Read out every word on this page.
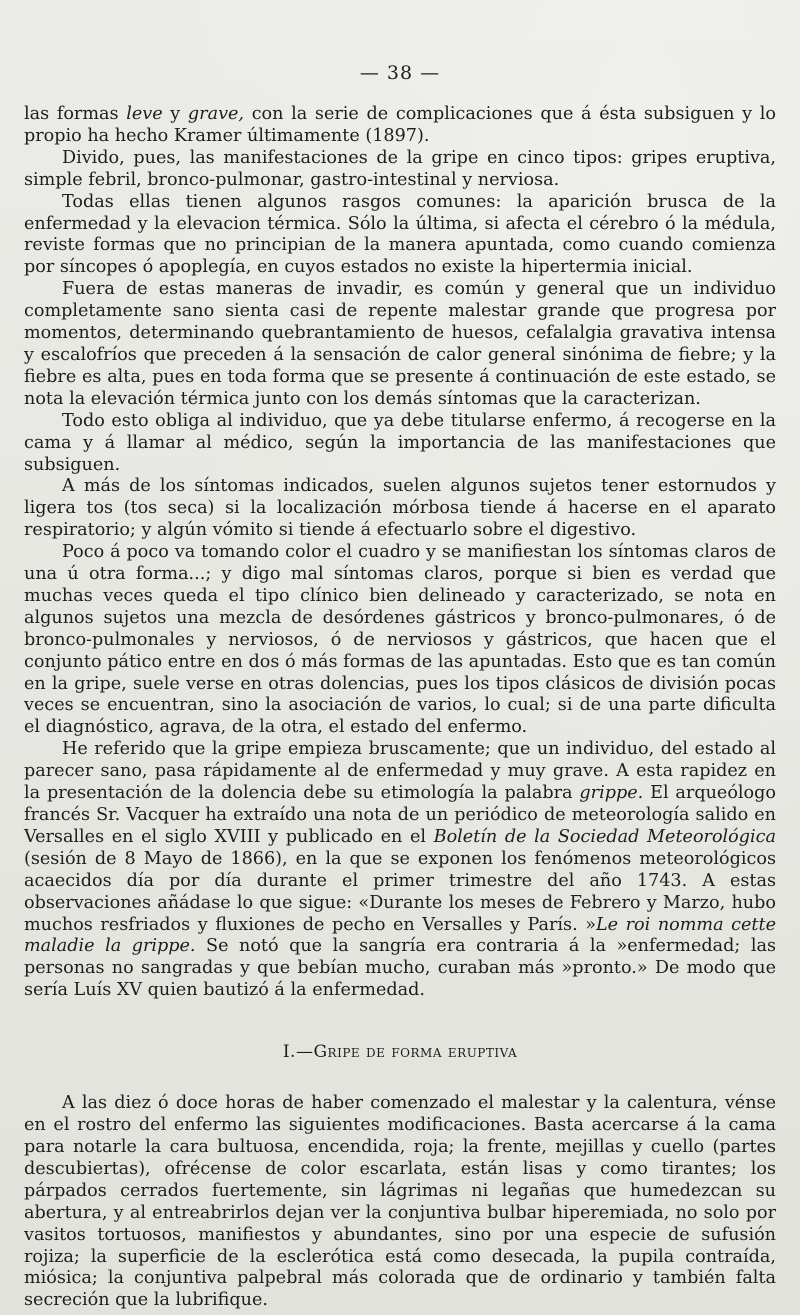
— 38 —

las formas leve y grave, con la serie de complicaciones que á ésta subsiguen y lo propio ha hecho Kramer últimamente (1897).

Divido, pues, las manifestaciones de la gripe en cinco tipos: gripes eruptiva, simple febril, bronco-pulmonar, gastro-intestinal y nerviosa.

Todas ellas tienen algunos rasgos comunes: la aparición brusca de la enfermedad y la elevacion térmica. Sólo la última, si afecta el cérebro ó la médula, reviste formas que no principian de la manera apuntada, como cuando comienza por síncopes ó apoplegía, en cuyos estados no existe la hipertermia inicial.

Fuera de estas maneras de invadir, es común y general que un individuo completamente sano sienta casi de repente malestar grande que progresa por momentos, determinando quebrantamiento de huesos, cefalalgia gravativa intensa y escalofríos que preceden á la sensación de calor general sinónima de fiebre; y la fiebre es alta, pues en toda forma que se presente á continuación de este estado, se nota la elevación térmica junto con los demás síntomas que la caracterizan.

Todo esto obliga al individuo, que ya debe titularse enfermo, á recogerse en la cama y á llamar al médico, según la importancia de las manifestaciones que subsiguen.

A más de los síntomas indicados, suelen algunos sujetos tener estornudos y ligera tos (tos seca) si la localización mórbosa tiende á hacerse en el aparato respiratorio; y algún vómito si tiende á efectuarlo sobre el digestivo.

Poco á poco va tomando color el cuadro y se manifiestan los síntomas claros de una ú otra forma...; y digo mal síntomas claros, porque si bien es verdad que muchas veces queda el tipo clínico bien delineado y caracterizado, se nota en algunos sujetos una mezcla de desórdenes gástricos y bronco-pulmonares, ó de bronco-pulmonales y nerviosos, ó de nerviosos y gástricos, que hacen que el conjunto pático entre en dos ó más formas de las apuntadas. Esto que es tan común en la gripe, suele verse en otras dolencias, pues los tipos clásicos de división pocas veces se encuentran, sino la asociación de varios, lo cual; si de una parte dificulta el diagnóstico, agrava, de la otra, el estado del enfermo.

He referido que la gripe empieza bruscamente; que un individuo, del estado al parecer sano, pasa rápidamente al de enfermedad y muy grave. A esta rapidez en la presentación de la dolencia debe su etimología la palabra grippe. El arqueólogo francés Sr. Vacquer ha extraído una nota de un periódico de meteorología salido en Versalles en el siglo XVIII y publicado en el Boletín de la Sociedad Meteorológica (sesión de 8 Mayo de 1866), en la que se exponen los fenómenos meteorológicos acaecidos día por día durante el primer trimestre del año 1743. A estas observaciones añádase lo que sigue: «Durante los meses de Febrero y Marzo, hubo muchos resfriados y fluxiones de pecho en Versalles y París. »Le roi nomma cette maladie la grippe. Se notó que la sangría era contraria á la »enfermedad; las personas no sangradas y que bebían mucho, curaban más »pronto.» De modo que sería Luís XV quien bautizó á la enfermedad.

I.—Gripe de forma eruptiva

A las diez ó doce horas de haber comenzado el malestar y la calentura, vénse en el rostro del enfermo las siguientes modificaciones. Basta acercarse á la cama para notarle la cara bultuosa, encendida, roja; la frente, mejillas y cuello (partes descubiertas), ofrécense de color escarlata, están lisas y como tirantes; los párpados cerrados fuertemente, sin lágrimas ni legañas que humedezcan su abertura, y al entreabrirlos dejan ver la conjuntiva bulbar hiperemiada, no solo por vasitos tortuosos, manifiestos y abundantes, sino por una especie de sufusión rojiza; la superficie de la esclerótica está como desecada, la pupila contraída, miósica; la conjuntiva palpebral más colorada que de ordinario y también falta secreción que la lubrifique.
